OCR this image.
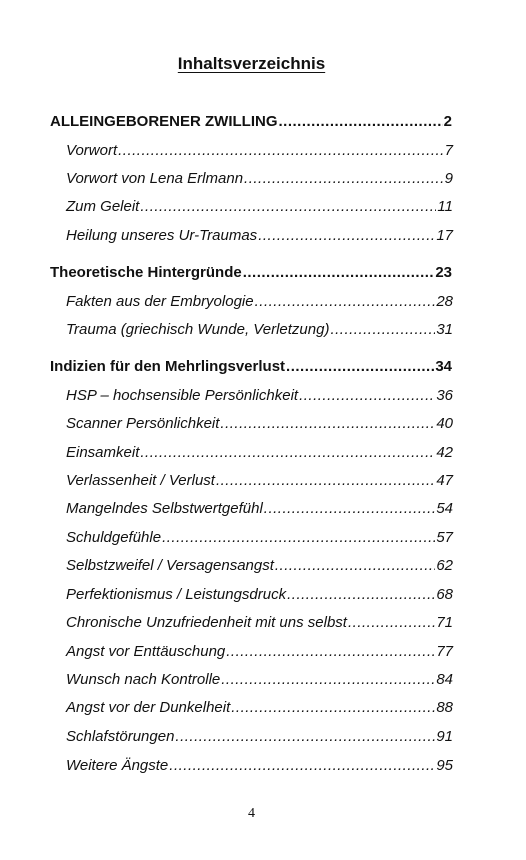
Inhaltsverzeichnis
ALLEINGEBORENER ZWILLING .....	2
Vorwort .....	7
Vorwort von Lena Erlmann .....	9
Zum Geleit .....	11
Heilung unseres Ur-Traumas .....	17
Theoretische Hintergründe .....	23
Fakten aus der Embryologie .....	28
Trauma (griechisch Wunde, Verletzung) .....	31
Indizien für den Mehrlingsverlust .....	34
HSP – hochsensible Persönlichkeit .....	36
Scanner Persönlichkeit .....	40
Einsamkeit .....	42
Verlassenheit / Verlust .....	47
Mangelndes Selbstwertgefühl .....	54
Schuldgefühle .....	57
Selbstzweifel / Versagensangst .....	62
Perfektionismus / Leistungsdruck .....	68
Chronische Unzufriedenheit mit uns selbst .....	71
Angst vor Enttäuschung .....	77
Wunsch nach Kontrolle .....	84
Angst vor der Dunkelheit .....	88
Schlafstörungen .....	91
Weitere Ängste .....	95
4
